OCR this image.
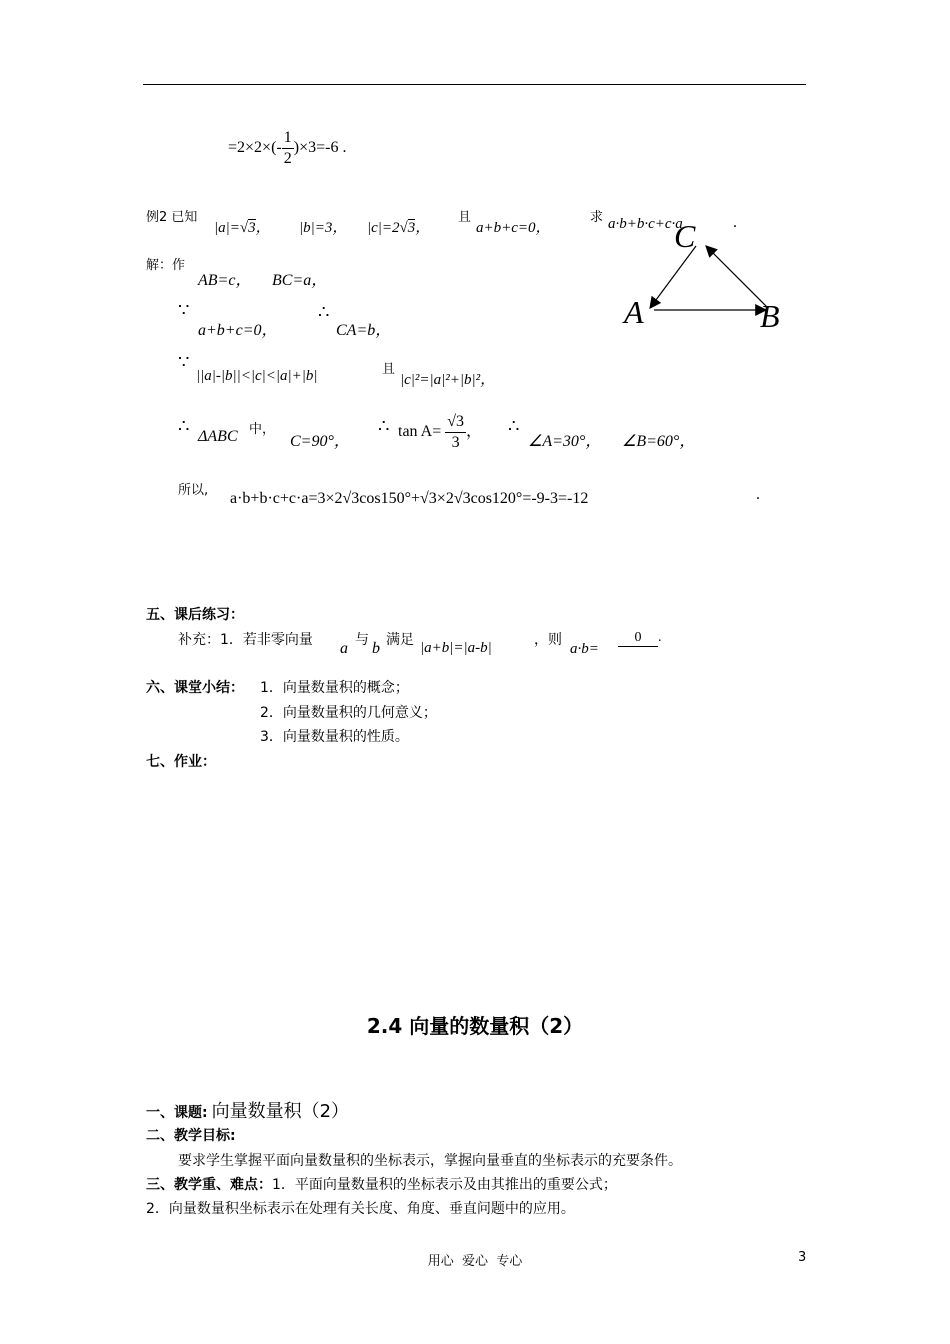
$=2\times 2\times(- \frac{1}{2} )\times 3=-6$ .
例2 已知
|a|=√3， |b|=3， |c|=2√3，
且
a+b+c=0，
求 a·b+b·c+c·a	.
C
A	B
解：作
AB=c， BC=a，
∵
a+b+c=0，
∴
CA=b，
∵
||a|-|b||<|c|<|a|+|b|	且
|c|²=|a|²+|b|²，
∴
ΔABC 中，
C=90°，
∴ $\tan A= \frac{√3}{3}$ ， ∴
∠A=30°， ∠B=60°，
所以, a·b+b·c+c·a=3×2√3cos150°+√3×2√3cos120°=-9-3=-12	.
五、课后练习：
补充：1．若非零向量 a 与 b 满足 |a+b|=|a-b|	，则
a·b=
0 .
六、课堂小结： 1．向量数量积的概念；
2．向量数量积的几何意义；
3．向量数量积的性质。
七、作业：
2.4 向量的数量积（2）
一、课题: 向量数量积（2）
二、教学目标:
要求学生掌握平面向量数量积的坐标表示，掌握向量垂直的坐标表示的充要条件。
三、教学重、难点：1．平面向量数量积的坐标表示及由其推出的重要公式；
2．向量数量积坐标表示在处理有关长度、角度、垂直问题中的应用。
用心  爱心  专心	3
